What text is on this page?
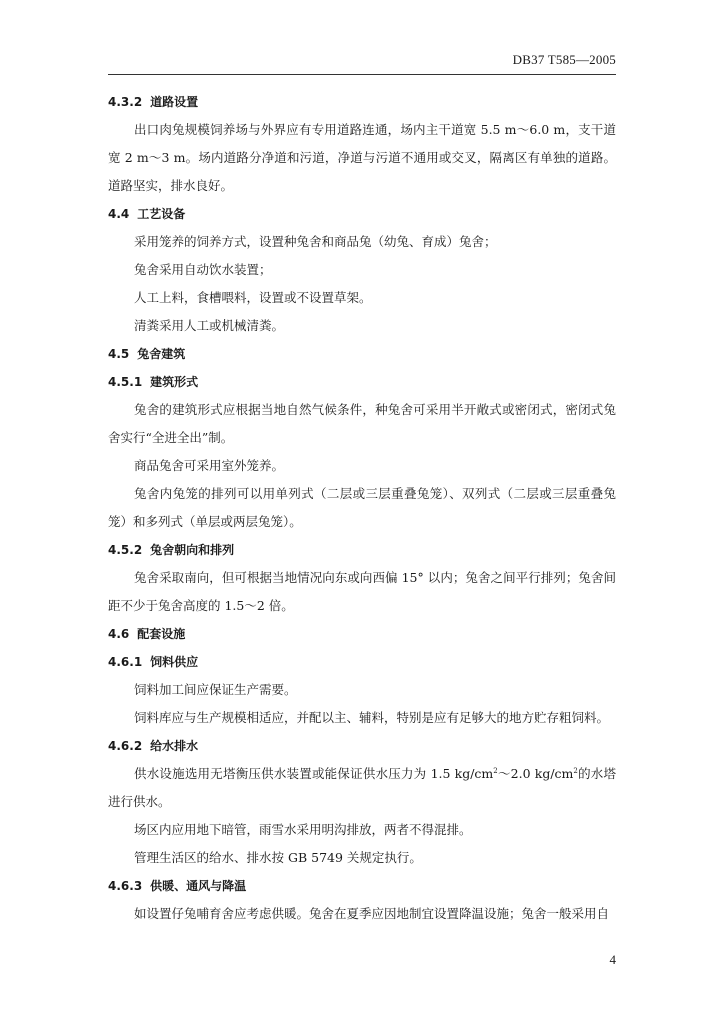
DB37 T585—2005
4.3.2 道路设置

出口肉兔规模饲养场与外界应有专用道路连通，场内主干道宽 5.5 m～6.0 m，支干道宽 2 m～3 m。场内道路分净道和污道，净道与污道不通用或交叉，隔离区有单独的道路。道路坚实，排水良好。

4.4 工艺设备

采用笼养的饲养方式，设置种兔舍和商品兔（幼兔、育成）兔舍；

兔舍采用自动饮水装置；

人工上料，食槽喂料，设置或不设置草架。

清粪采用人工或机械清粪。

4.5 兔舍建筑
4.5.1 建筑形式

兔舍的建筑形式应根据当地自然气候条件，种兔舍可采用半开敞式或密闭式，密闭式兔舍实行“全进全出”制。

商品兔舍可采用室外笼养。

兔舍内兔笼的排列可以用单列式（二层或三层重叠兔笼）、双列式（二层或三层重叠兔笼）和多列式（单层或两层兔笼）。

4.5.2 兔舍朝向和排列

兔舍采取南向，但可根据当地情况向东或向西偏 15° 以内；兔舍之间平行排列；兔舍间距不少于兔舍高度的 1.5～2 倍。

4.6 配套设施
4.6.1 饲料供应

饲料加工间应保证生产需要。

饲料库应与生产规模相适应，并配以主、辅料，特别是应有足够大的地方贮存粗饲料。

4.6.2 给水排水

供水设施选用无塔衡压供水装置或能保证供水压力为 1.5 $kg/cm^2\sim 2.0$ $kg/cm^2$的水塔进行供水。

场区内应用地下暗管，雨雪水采用明沟排放，两者不得混排。

管理生活区的给水、排水按 GB 5749 关规定执行。

4.6.3 供暖、通风与降温

如设置仔兔哺育舍应考虑供暖。兔舍在夏季应因地制宜设置降温设施；兔舍一般采用自

4
